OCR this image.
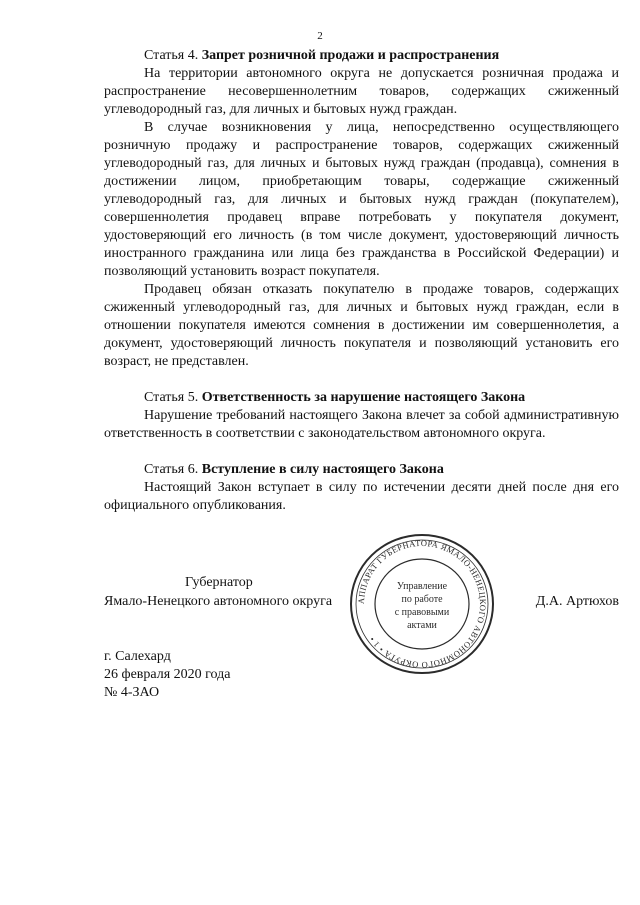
2
Статья 4. Запрет розничной продажи и распространения

На территории автономного округа не допускается розничная продажа и распространение несовершеннолетним товаров, содержащих сжиженный углеводородный газ, для личных и бытовых нужд граждан.

В случае возникновения у лица, непосредственно осуществляющего розничную продажу и распространение товаров, содержащих сжиженный углеводородный газ, для личных и бытовых нужд граждан (продавца), сомнения в достижении лицом, приобретающим товары, содержащие сжиженный углеводородный газ, для личных и бытовых нужд граждан (покупателем), совершеннолетия продавец вправе потребовать у покупателя документ, удостоверяющий его личность (в том числе документ, удостоверяющий личность иностранного гражданина или лица без гражданства в Российской Федерации) и позволяющий установить возраст покупателя.

Продавец обязан отказать покупателю в продаже товаров, содержащих сжиженный углеводородный газ, для личных и бытовых нужд граждан, если в отношении покупателя имеются сомнения в достижении им совершеннолетия, а документ, удостоверяющий личность покупателя и позволяющий установить его возраст, не представлен.

Статья 5. Ответственность за нарушение настоящего Закона

Нарушение требований настоящего Закона влечет за собой административную ответственность в соответствии с законодательством автономного округа.

Статья 6. Вступление в силу настоящего Закона

Настоящий Закон вступает в силу по истечении десяти дней после дня его официального опубликования.

АППАРАТ ГУБЕРНАТОРА ЯМАЛО-НЕНЕЦКОГО АВТОНОМНОГО ОКРУГА • 1 •
Управление
по работе
с правовыми
актами
Губернатор
Ямало-Ненецкого автономного округа	Д.А. Артюхов
г. Салехард
26 февраля 2020 года
№ 4-ЗАО
